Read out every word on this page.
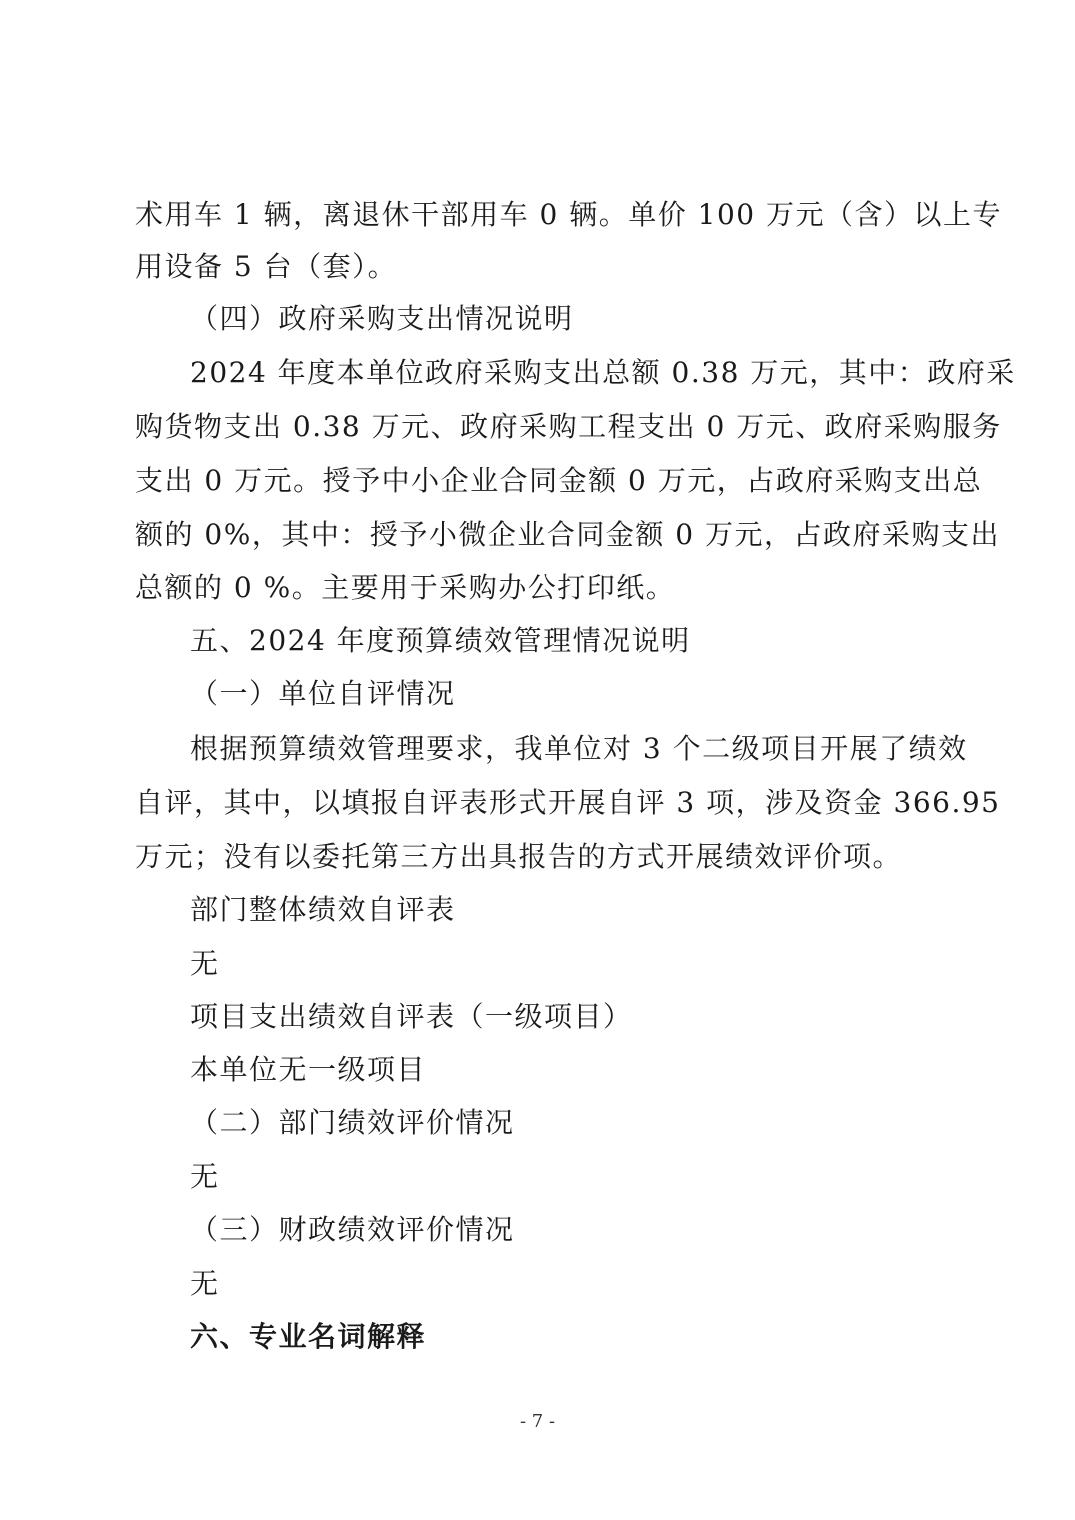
术用车 1 辆，离退休干部用车 0 辆。单价 100 万元（含）以上专

用设备 5 台（套）。

（四）政府采购支出情况说明

2024 年度本单位政府采购支出总额 0.38 万元，其中：政府采

购货物支出 0.38 万元、政府采购工程支出 0 万元、政府采购服务

支出 0 万元。授予中小企业合同金额 0 万元，占政府采购支出总

额的 0%，其中：授予小微企业合同金额 0 万元，占政府采购支出

总额的 0 %。主要用于采购办公打印纸。

五、2024 年度预算绩效管理情况说明

（一）单位自评情况

根据预算绩效管理要求，我单位对 3 个二级项目开展了绩效

自评，其中，以填报自评表形式开展自评 3 项，涉及资金 366.95

万元；没有以委托第三方出具报告的方式开展绩效评价项。

部门整体绩效自评表

无

项目支出绩效自评表（一级项目）

本单位无一级项目

（二）部门绩效评价情况

无

（三）财政绩效评价情况

无

六、专业名词解释

- 7 -
